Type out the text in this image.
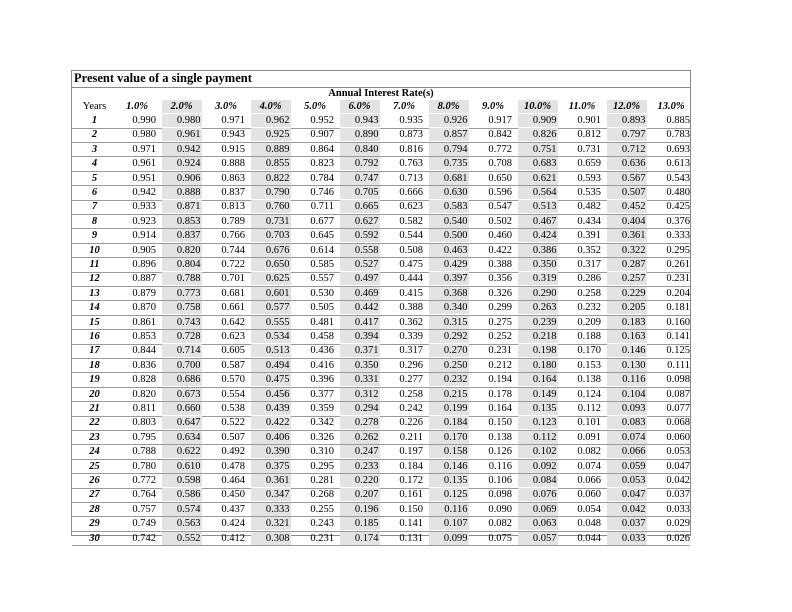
Present value of a single payment
Annual Interest Rate(s)
Years	1.0%	2.0%	3.0%	4.0%	5.0%	6.0%	7.0%	8.0%	9.0%	10.0%	11.0%	12.0%	13.0%
1	0.990	0.980	0.971	0.962	0.952	0.943	0.935	0.926	0.917	0.909	0.901	0.893	0.885
2	0.980	0.961	0.943	0.925	0.907	0.890	0.873	0.857	0.842	0.826	0.812	0.797	0.783
3	0.971	0.942	0.915	0.889	0.864	0.840	0.816	0.794	0.772	0.751	0.731	0.712	0.693
4	0.961	0.924	0.888	0.855	0.823	0.792	0.763	0.735	0.708	0.683	0.659	0.636	0.613
5	0.951	0.906	0.863	0.822	0.784	0.747	0.713	0.681	0.650	0.621	0.593	0.567	0.543
6	0.942	0.888	0.837	0.790	0.746	0.705	0.666	0.630	0.596	0.564	0.535	0.507	0.480
7	0.933	0.871	0.813	0.760	0.711	0.665	0.623	0.583	0.547	0.513	0.482	0.452	0.425
8	0.923	0.853	0.789	0.731	0.677	0.627	0.582	0.540	0.502	0.467	0.434	0.404	0.376
9	0.914	0.837	0.766	0.703	0.645	0.592	0.544	0.500	0.460	0.424	0.391	0.361	0.333
10	0.905	0.820	0.744	0.676	0.614	0.558	0.508	0.463	0.422	0.386	0.352	0.322	0.295
11	0.896	0.804	0.722	0.650	0.585	0.527	0.475	0.429	0.388	0.350	0.317	0.287	0.261
12	0.887	0.788	0.701	0.625	0.557	0.497	0.444	0.397	0.356	0.319	0.286	0.257	0.231
13	0.879	0.773	0.681	0.601	0.530	0.469	0.415	0.368	0.326	0.290	0.258	0.229	0.204
14	0.870	0.758	0.661	0.577	0.505	0.442	0.388	0.340	0.299	0.263	0.232	0.205	0.181
15	0.861	0.743	0.642	0.555	0.481	0.417	0.362	0.315	0.275	0.239	0.209	0.183	0.160
16	0.853	0.728	0.623	0.534	0.458	0.394	0.339	0.292	0.252	0.218	0.188	0.163	0.141
17	0.844	0.714	0.605	0.513	0.436	0.371	0.317	0.270	0.231	0.198	0.170	0.146	0.125
18	0.836	0.700	0.587	0.494	0.416	0.350	0.296	0.250	0.212	0.180	0.153	0.130	0.111
19	0.828	0.686	0.570	0.475	0.396	0.331	0.277	0.232	0.194	0.164	0.138	0.116	0.098
20	0.820	0.673	0.554	0.456	0.377	0.312	0.258	0.215	0.178	0.149	0.124	0.104	0.087
21	0.811	0.660	0.538	0.439	0.359	0.294	0.242	0.199	0.164	0.135	0.112	0.093	0.077
22	0.803	0.647	0.522	0.422	0.342	0.278	0.226	0.184	0.150	0.123	0.101	0.083	0.068
23	0.795	0.634	0.507	0.406	0.326	0.262	0.211	0.170	0.138	0.112	0.091	0.074	0.060
24	0.788	0.622	0.492	0.390	0.310	0.247	0.197	0.158	0.126	0.102	0.082	0.066	0.053
25	0.780	0.610	0.478	0.375	0.295	0.233	0.184	0.146	0.116	0.092	0.074	0.059	0.047
26	0.772	0.598	0.464	0.361	0.281	0.220	0.172	0.135	0.106	0.084	0.066	0.053	0.042
27	0.764	0.586	0.450	0.347	0.268	0.207	0.161	0.125	0.098	0.076	0.060	0.047	0.037
28	0.757	0.574	0.437	0.333	0.255	0.196	0.150	0.116	0.090	0.069	0.054	0.042	0.033
29	0.749	0.563	0.424	0.321	0.243	0.185	0.141	0.107	0.082	0.063	0.048	0.037	0.029
30	0.742	0.552	0.412	0.308	0.231	0.174	0.131	0.099	0.075	0.057	0.044	0.033	0.026
